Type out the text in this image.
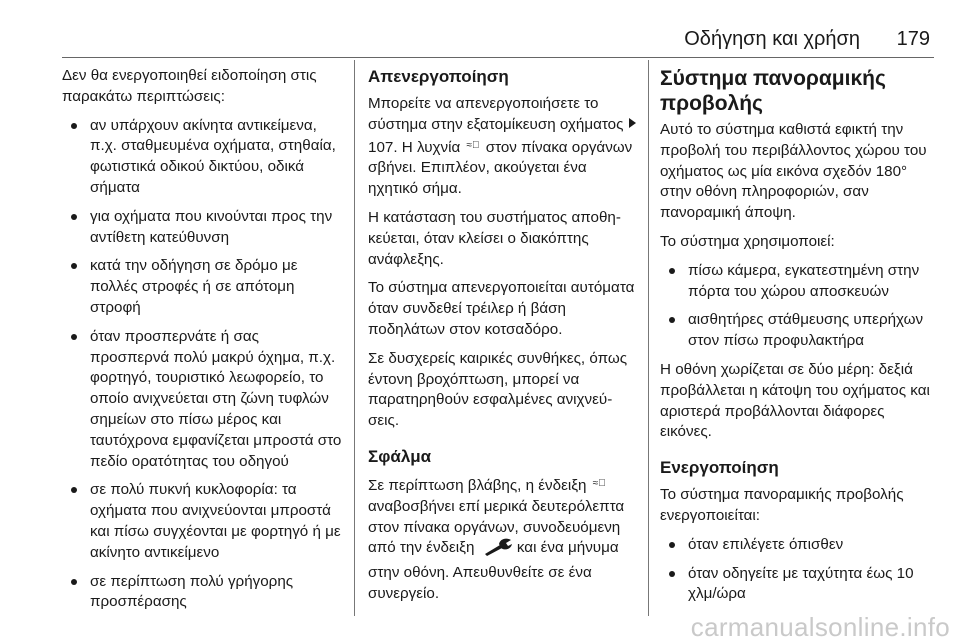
Οδήγηση και χρήση	179

Δεν θα ενεργοποιηθεί ειδοποίηση στις παρακάτω περιπτώσεις:

αν υπάρχουν ακίνητα αντικείμενα, π.χ. σταθμευμένα οχήματα, στηθαία, φωτιστικά οδικού δικτύου, οδικά σήματα
για οχήματα που κινούνται προς την αντίθετη κατεύθυνση
κατά την οδήγηση σε δρόμο με πολλές στροφές ή σε απότομη στροφή
όταν προσπερνάτε ή σας προσπερνά πολύ μακρύ όχημα, π.χ. φορτηγό, τουριστικό λεωφορείο, το οποίο ανιχνεύεται στη ζώνη τυφλών σημείων στο πίσω μέρος και ταυτόχρονα εμφανίζεται μπροστά στο πεδίο ορατότητας του οδηγού
σε πολύ πυκνή κυκλοφορία: τα οχήματα που ανιχνεύονται μπροστά και πίσω συγχέονται με φορτηγό ή με ακίνητο αντικείμενο
σε περίπτωση πολύ γρήγορης προσπέρασης
Απενεργοποίηση

Μπορείτε να απενεργοποιήσετε το σύστημα στην εξατομίκευση οχήματος 107. Η λυχνία ≈⃝ στον πίνακα οργάνων σβήνει. Επιπλέον, ακούγεται ένα ηχητικό σήμα.

Η κατάσταση του συστήματος αποθηκεύεται, όταν κλείσει ο διακόπτης ανάφλεξης.

Το σύστημα απενεργοποιείται αυτόματα όταν συνδεθεί τρέιλερ ή βάση ποδηλάτων στον κοτσαδόρο.

Σε δυσχερείς καιρικές συνθήκες, όπως έντονη βροχόπτωση, μπορεί να παρατηρηθούν εσφαλμένες ανιχνεύσεις.

Σφάλμα

Σε περίπτωση βλάβης, η ένδειξη ≈⃝ αναβοσβήνει επί μερικά δευτερόλεπτα στον πίνακα οργάνων, συνοδευόμενη από την ένδειξη	και ένα μήνυμα στην οθόνη. Απευθυνθείτε σε ένα συνεργείο.

Σύστημα πανοραμικής προβολής

Αυτό το σύστημα καθιστά εφικτή την προβολή του περιβάλλοντος χώρου του οχήματος ως μία εικόνα σχεδόν 180° στην οθόνη πληροφοριών, σαν πανοραμική άποψη.

Το σύστημα χρησιμοποιεί:

πίσω κάμερα, εγκατεστημένη στην πόρτα του χώρου αποσκευών
αισθητήρες στάθμευσης υπερήχων στον πίσω προφυλακτήρα

Η οθόνη χωρίζεται σε δύο μέρη: δεξιά προβάλλεται η κάτοψη του οχήματος και αριστερά προβάλλονται διάφορες εικόνες.

Ενεργοποίηση

Το σύστημα πανοραμικής προβολής ενεργοποιείται:

όταν επιλέγετε όπισθεν
όταν οδηγείτε με ταχύτητα έως 10 χλμ/ώρα
carmanualsonline.info
